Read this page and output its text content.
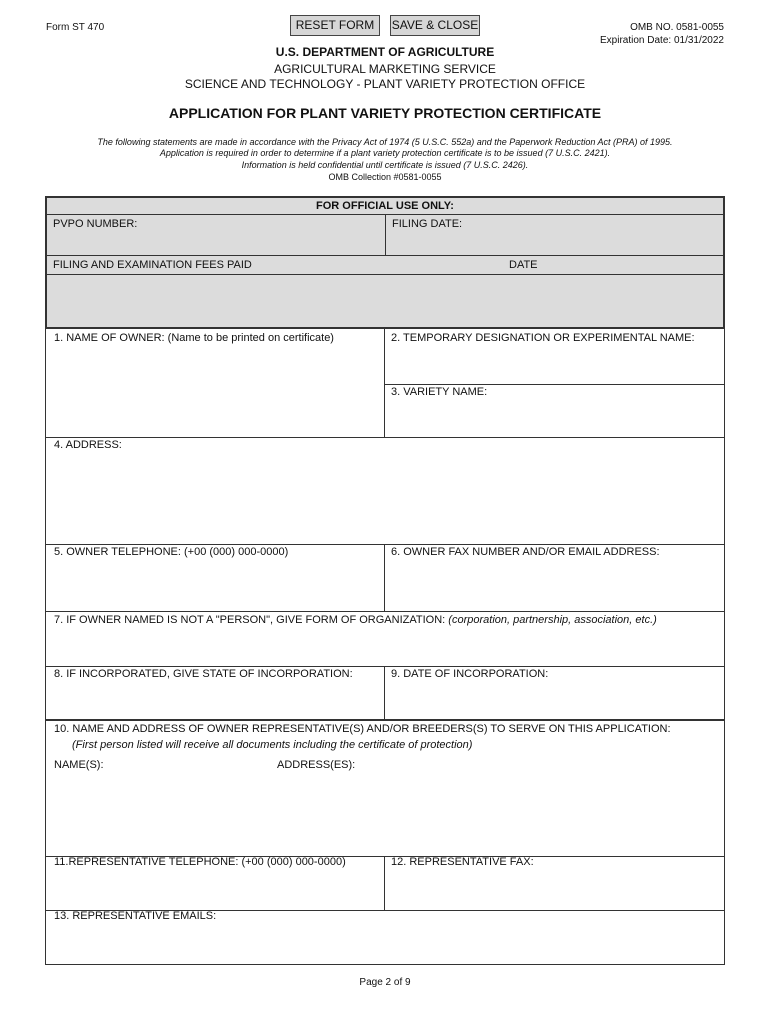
Form ST 470	RESET FORM	SAVE & CLOSE	OMB NO. 0581-0055
Expiration Date: 01/31/2022
U.S. DEPARTMENT OF AGRICULTURE
AGRICULTURAL MARKETING SERVICE
SCIENCE AND TECHNOLOGY - PLANT VARIETY PROTECTION OFFICE
APPLICATION FOR PLANT VARIETY PROTECTION CERTIFICATE
The following statements are made in accordance with the Privacy Act of 1974 (5 U.S.C. 552a) and the Paperwork Reduction Act (PRA) of 1995.
Application is required in order to determine if a plant variety protection certificate is to be issued (7 U.S.C. 2421).
Information is held confidential until certificate is issued (7 U.S.C. 2426).
OMB Collection #0581-0055
FOR OFFICIAL USE ONLY:
PVPO NUMBER:	FILING DATE:
FILING AND EXAMINATION FEES PAID	DATE
1. NAME OF OWNER: (Name to be printed on certificate)	2. TEMPORARY DESIGNATION OR EXPERIMENTAL NAME:
3. VARIETY NAME:
4. ADDRESS:
5. OWNER TELEPHONE: (+00 (000) 000-0000)	6. OWNER FAX NUMBER AND/OR EMAIL ADDRESS:
7. IF OWNER NAMED IS NOT A "PERSON", GIVE FORM OF ORGANIZATION: (corporation, partnership, association, etc.)
8. IF INCORPORATED, GIVE STATE OF INCORPORATION:	9. DATE OF INCORPORATION:
10. NAME AND ADDRESS OF OWNER REPRESENTATIVE(S) AND/OR BREEDERS(S) TO SERVE ON THIS APPLICATION:
(First person listed will receive all documents including the certificate of protection)
NAME(S):	ADDRESS(ES):
11.REPRESENTATIVE TELEPHONE: (+00 (000) 000-0000)	12. REPRESENTATIVE FAX:
13. REPRESENTATIVE EMAILS:
Page 2 of 9
